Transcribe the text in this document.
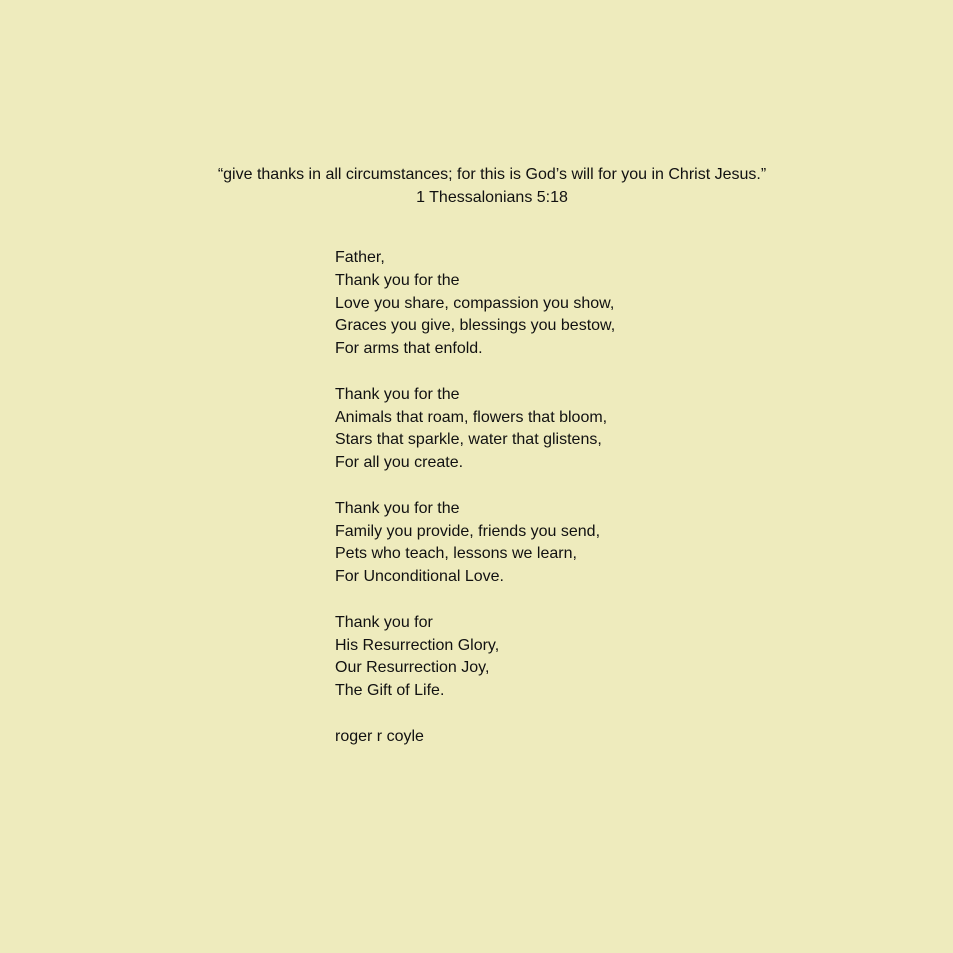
“give thanks in all circumstances; for this is God’s will for you in Christ Jesus.”
1 Thessalonians 5:18
Father,
Thank you for the
Love you share, compassion you show,
Graces you give, blessings you bestow,
For arms that enfold.
Thank you for the
Animals that roam, flowers that bloom,
Stars that sparkle, water that glistens,
For all you create.
Thank you for the
Family you provide, friends you send,
Pets who teach, lessons we learn,
For Unconditional Love.
Thank you for
His Resurrection Glory,
Our Resurrection Joy,
The Gift of Life.
roger r coyle
